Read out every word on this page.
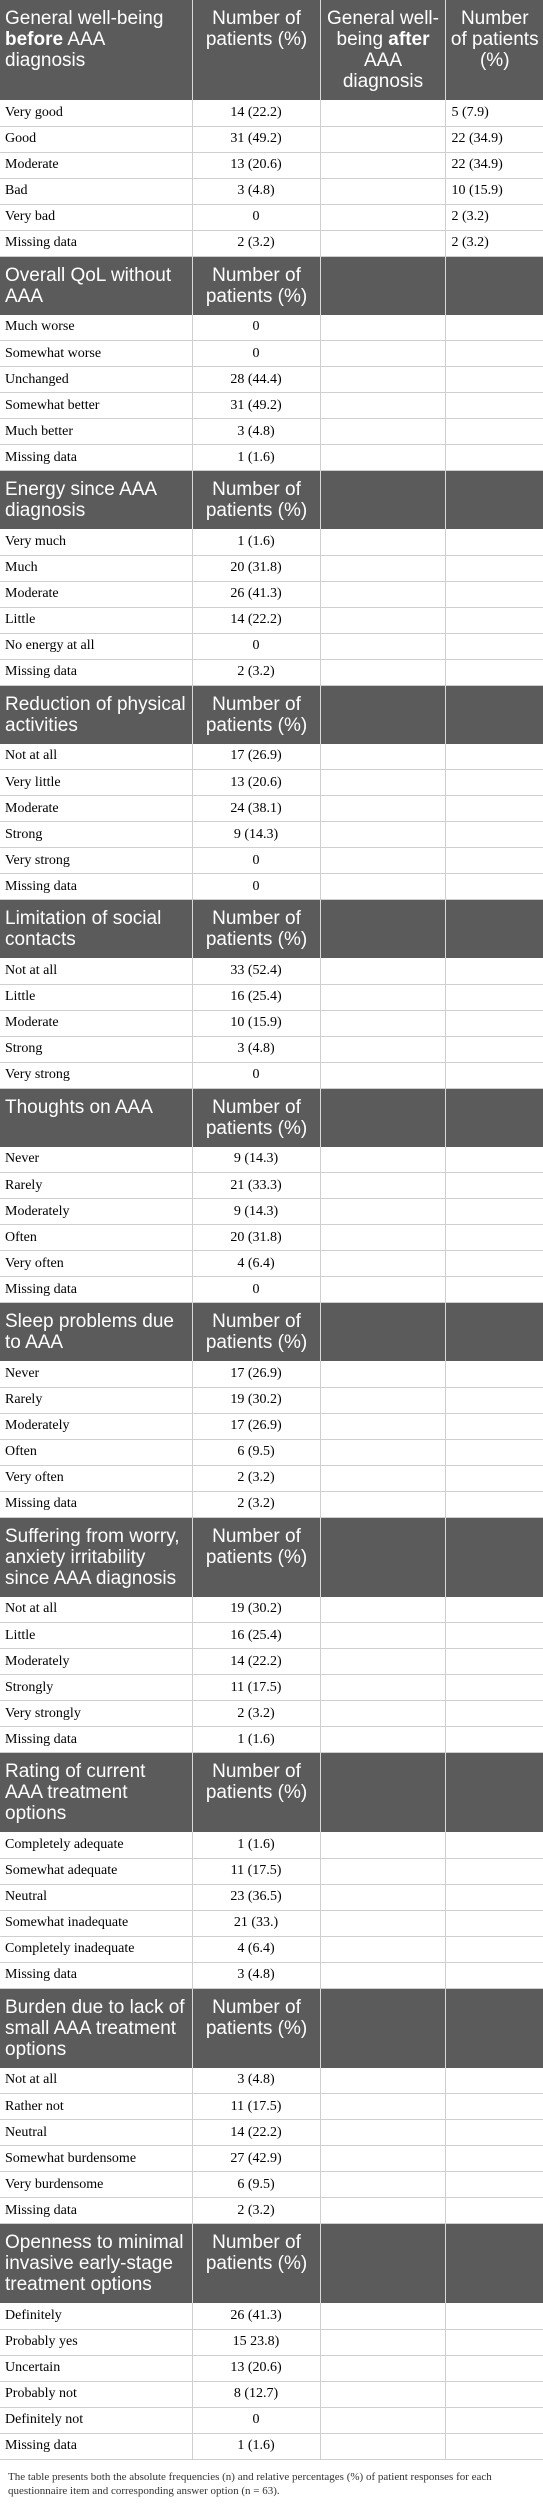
General well-being before AAA diagnosis	Number of patients (%)	General well-being after AAA diagnosis	Number of patients (%)
Very good	14 (22.2)		5 (7.9)
Good	31 (49.2)		22 (34.9)
Moderate	13 (20.6)		22 (34.9)
Bad	3 (4.8)		10 (15.9)
Very bad	0		2 (3.2)
Missing data	2 (3.2)		2 (3.2)
Overall QoL without AAA	Number of patients (%)		
Much worse	0		
Somewhat worse	0		
Unchanged	28 (44.4)		
Somewhat better	31 (49.2)		
Much better	3 (4.8)		
Missing data	1 (1.6)		
Energy since AAA diagnosis	Number of patients (%)		
Very much	1 (1.6)		
Much	20 (31.8)		
Moderate	26 (41.3)		
Little	14 (22.2)		
No energy at all	0		
Missing data	2 (3.2)		
Reduction of physical activities	Number of patients (%)		
Not at all	17 (26.9)		
Very little	13 (20.6)		
Moderate	24 (38.1)		
Strong	9 (14.3)		
Very strong	0		
Missing data	0		
Limitation of social contacts	Number of patients (%)		
Not at all	33 (52.4)		
Little	16 (25.4)		
Moderate	10 (15.9)		
Strong	3 (4.8)		
Very strong	0		
Thoughts on AAA	Number of patients (%)		
Never	9 (14.3)		
Rarely	21 (33.3)		
Moderately	9 (14.3)		
Often	20 (31.8)		
Very often	4 (6.4)		
Missing data	0		
Sleep problems due to AAA	Number of patients (%)		
Never	17 (26.9)		
Rarely	19 (30.2)		
Moderately	17 (26.9)		
Often	6 (9.5)		
Very often	2 (3.2)		
Missing data	2 (3.2)		
Suffering from worry, anxiety irritability since AAA diagnosis	Number of patients (%)		
Not at all	19 (30.2)		
Little	16 (25.4)		
Moderately	14 (22.2)		
Strongly	11 (17.5)		
Very strongly	2 (3.2)		
Missing data	1 (1.6)		
Rating of current AAA treatment options	Number of patients (%)		
Completely adequate	1 (1.6)		
Somewhat adequate	11 (17.5)		
Neutral	23 (36.5)		
Somewhat inadequate	21 (33.)		
Completely inadequate	4 (6.4)		
Missing data	3 (4.8)		
Burden due to lack of small AAA treatment options	Number of patients (%)		
Not at all	3 (4.8)		
Rather not	11 (17.5)		
Neutral	14 (22.2)		
Somewhat burdensome	27 (42.9)		
Very burdensome	6 (9.5)		
Missing data	2 (3.2)		
Openness to minimal invasive early-stage treatment options	Number of patients (%)		
Definitely	26 (41.3)		
Probably yes	15 23.8)		
Uncertain	13 (20.6)		
Probably not	8 (12.7)		
Definitely not	0		
Missing data	1 (1.6)		
The table presents both the absolute frequencies (n) and relative percentages (%) of patient responses for each questionnaire item and corresponding answer option (n = 63).
